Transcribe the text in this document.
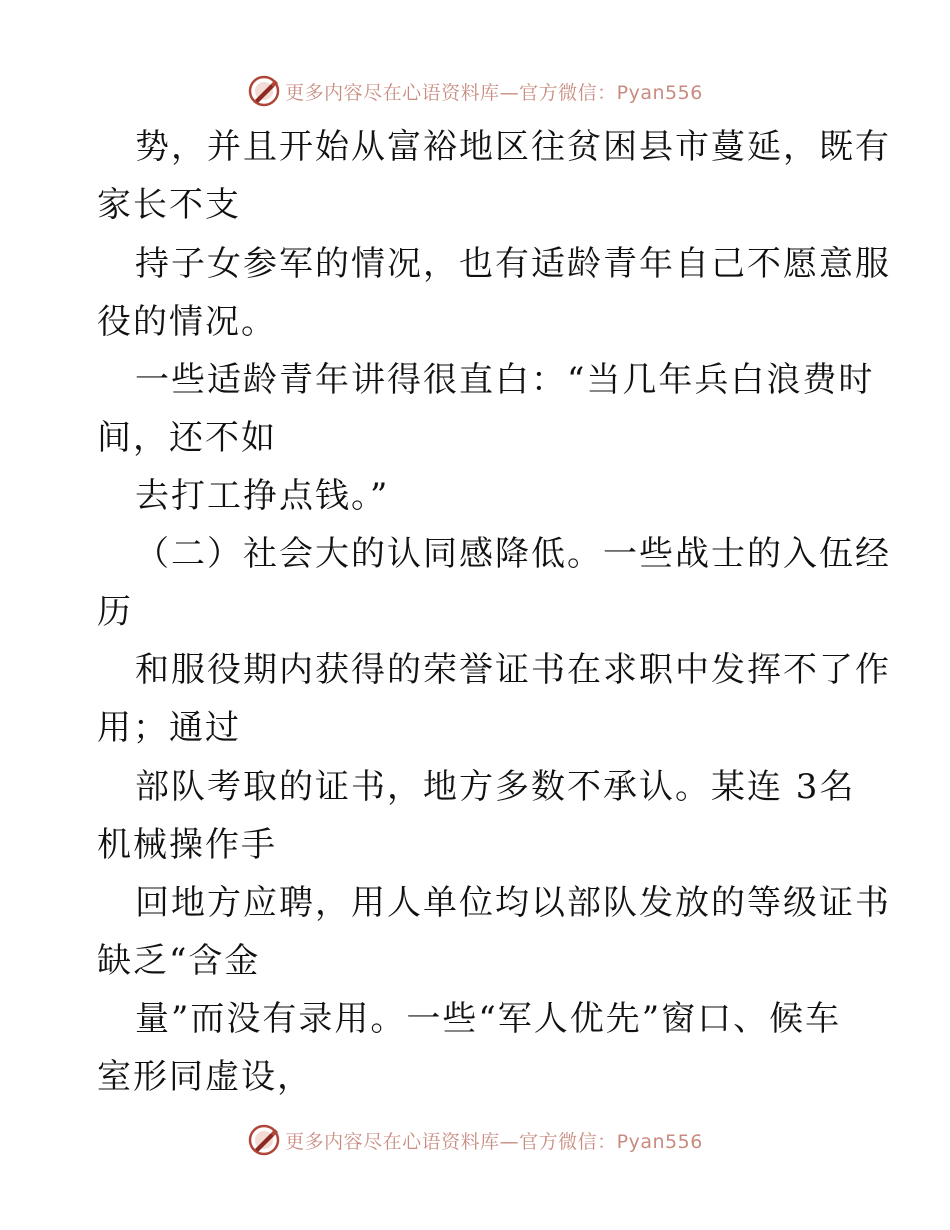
更多内容尽在心语资料库—官方微信：Pyan556
势，并且开始从富裕地区往贫困县市蔓延，既有
家长不支
持子女参军的情况，也有适龄青年自己不愿意服
役的情况。
一些适龄青年讲得很直白：“当几年兵白浪费时
间，还不如
去打工挣点钱。”
（二）社会大的认同感降低。一些战士的入伍经
历
和服役期内获得的荣誉证书在求职中发挥不了作
用；通过
部队考取的证书，地方多数不承认。某连 3名
机械操作手
回地方应聘，用人单位均以部队发放的等级证书
缺乏“含金
量”而没有录用。一些“军人优先”窗口、候车
室形同虚设，
更多内容尽在心语资料库—官方微信：Pyan556
